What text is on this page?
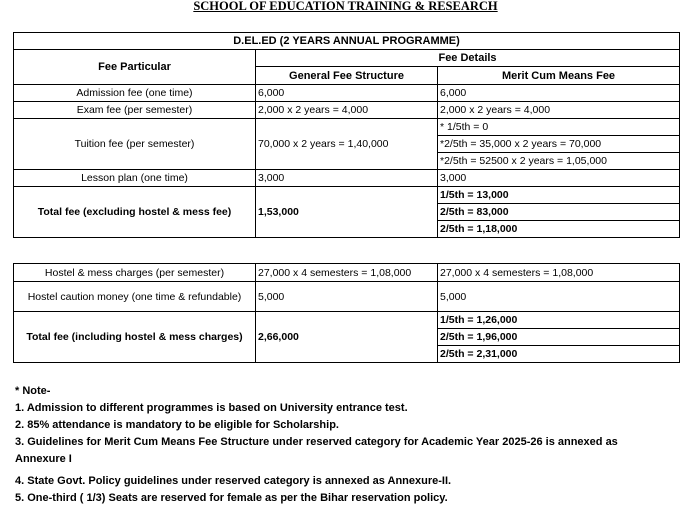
SCHOOL OF EDUCATION TRAINING & RESEARCH
D.EL.ED (2 YEARS ANNUAL PROGRAMME)		
Fee Particular	Fee Details	
	General Fee Structure	Merit Cum Means Fee
Admission fee (one time)	6,000	6,000
Exam fee (per semester)	2,000 x 2 years = 4,000	2,000 x 2 years = 4,000
Tuition fee (per semester)	70,000 x 2 years = 1,40,000	* 1/5th = 0
		*2/5th = 35,000 x 2 years = 70,000
		*2/5th = 52500 x 2 years = 1,05,000
Lesson plan (one time)	3,000	3,000
Total fee (excluding hostel & mess fee)	1,53,000	1/5th = 13,000
		2/5th = 83,000
		2/5th = 1,18,000
Hostel & mess charges (per semester)	27,000 x 4 semesters = 1,08,000	27,000 x 4 semesters = 1,08,000
Hostel caution money (one time & refundable)	5,000	5,000
Total fee (including hostel & mess charges)	2,66,000	1/5th = 1,26,000
		2/5th = 1,96,000
		2/5th = 2,31,000
* Note-
1. Admission to different programmes is based on University entrance test.
2. 85% attendance is mandatory to be eligible for Scholarship.
3. Guidelines for Merit Cum Means Fee Structure under reserved category for Academic Year 2025-26 is annexed as
Annexure I
4. State Govt. Policy guidelines under reserved category is annexed as Annexure-II.
5. One-third ( 1/3) Seats are reserved for female as per the Bihar reservation policy.
